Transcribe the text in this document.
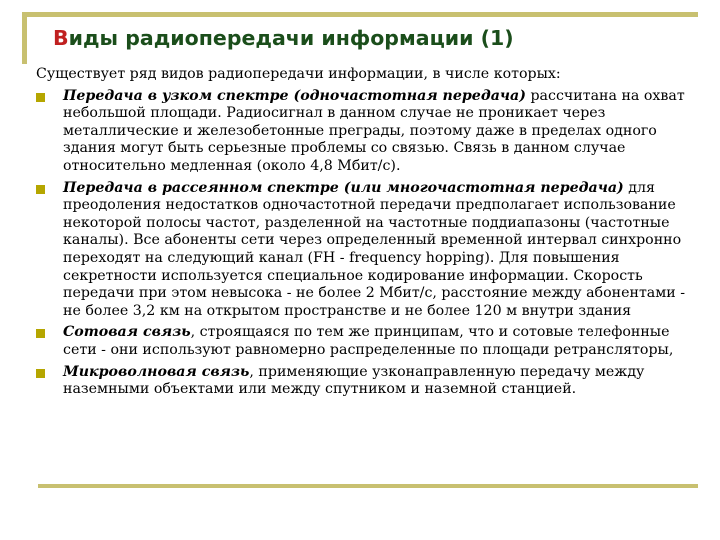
Виды радиопередачи информации (1)

Существует ряд видов радиопередачи информации, в числе которых:

Передача в узком спектре (одночастотная передача) рассчитана на охват небольшой площади. Радиосигнал в данном случае не проникает через металлические и железобетонные преграды, поэтому даже в пределах одного здания могут быть серьезные проблемы со связью. Связь в данном случае относительно медленная (около 4,8 Мбит/с).
Передача в рассеянном спектре (или многочастотная передача) для преодоления недостатков одночастотной передачи предполагает использование некоторой полосы частот, разделенной на частотные поддиапазоны (частотные каналы). Все абоненты сети через определенный временной интервал синхронно переходят на следующий канал (FH - frequency hopping). Для повышения секретности используется специальное кодирование информации. Скорость передачи при этом невысока - не более 2 Мбит/с, расстояние между абонентами - не более 3,2 км на открытом пространстве и не более 120 м внутри здания
Сотовая связь, строящаяся по тем же принципам, что и сотовые телефонные сети - они используют равномерно распределенные по площади ретрансляторы,
Микроволновая связь, применяющие узконаправленную передачу между наземными объектами или между спутником и наземной станцией.
